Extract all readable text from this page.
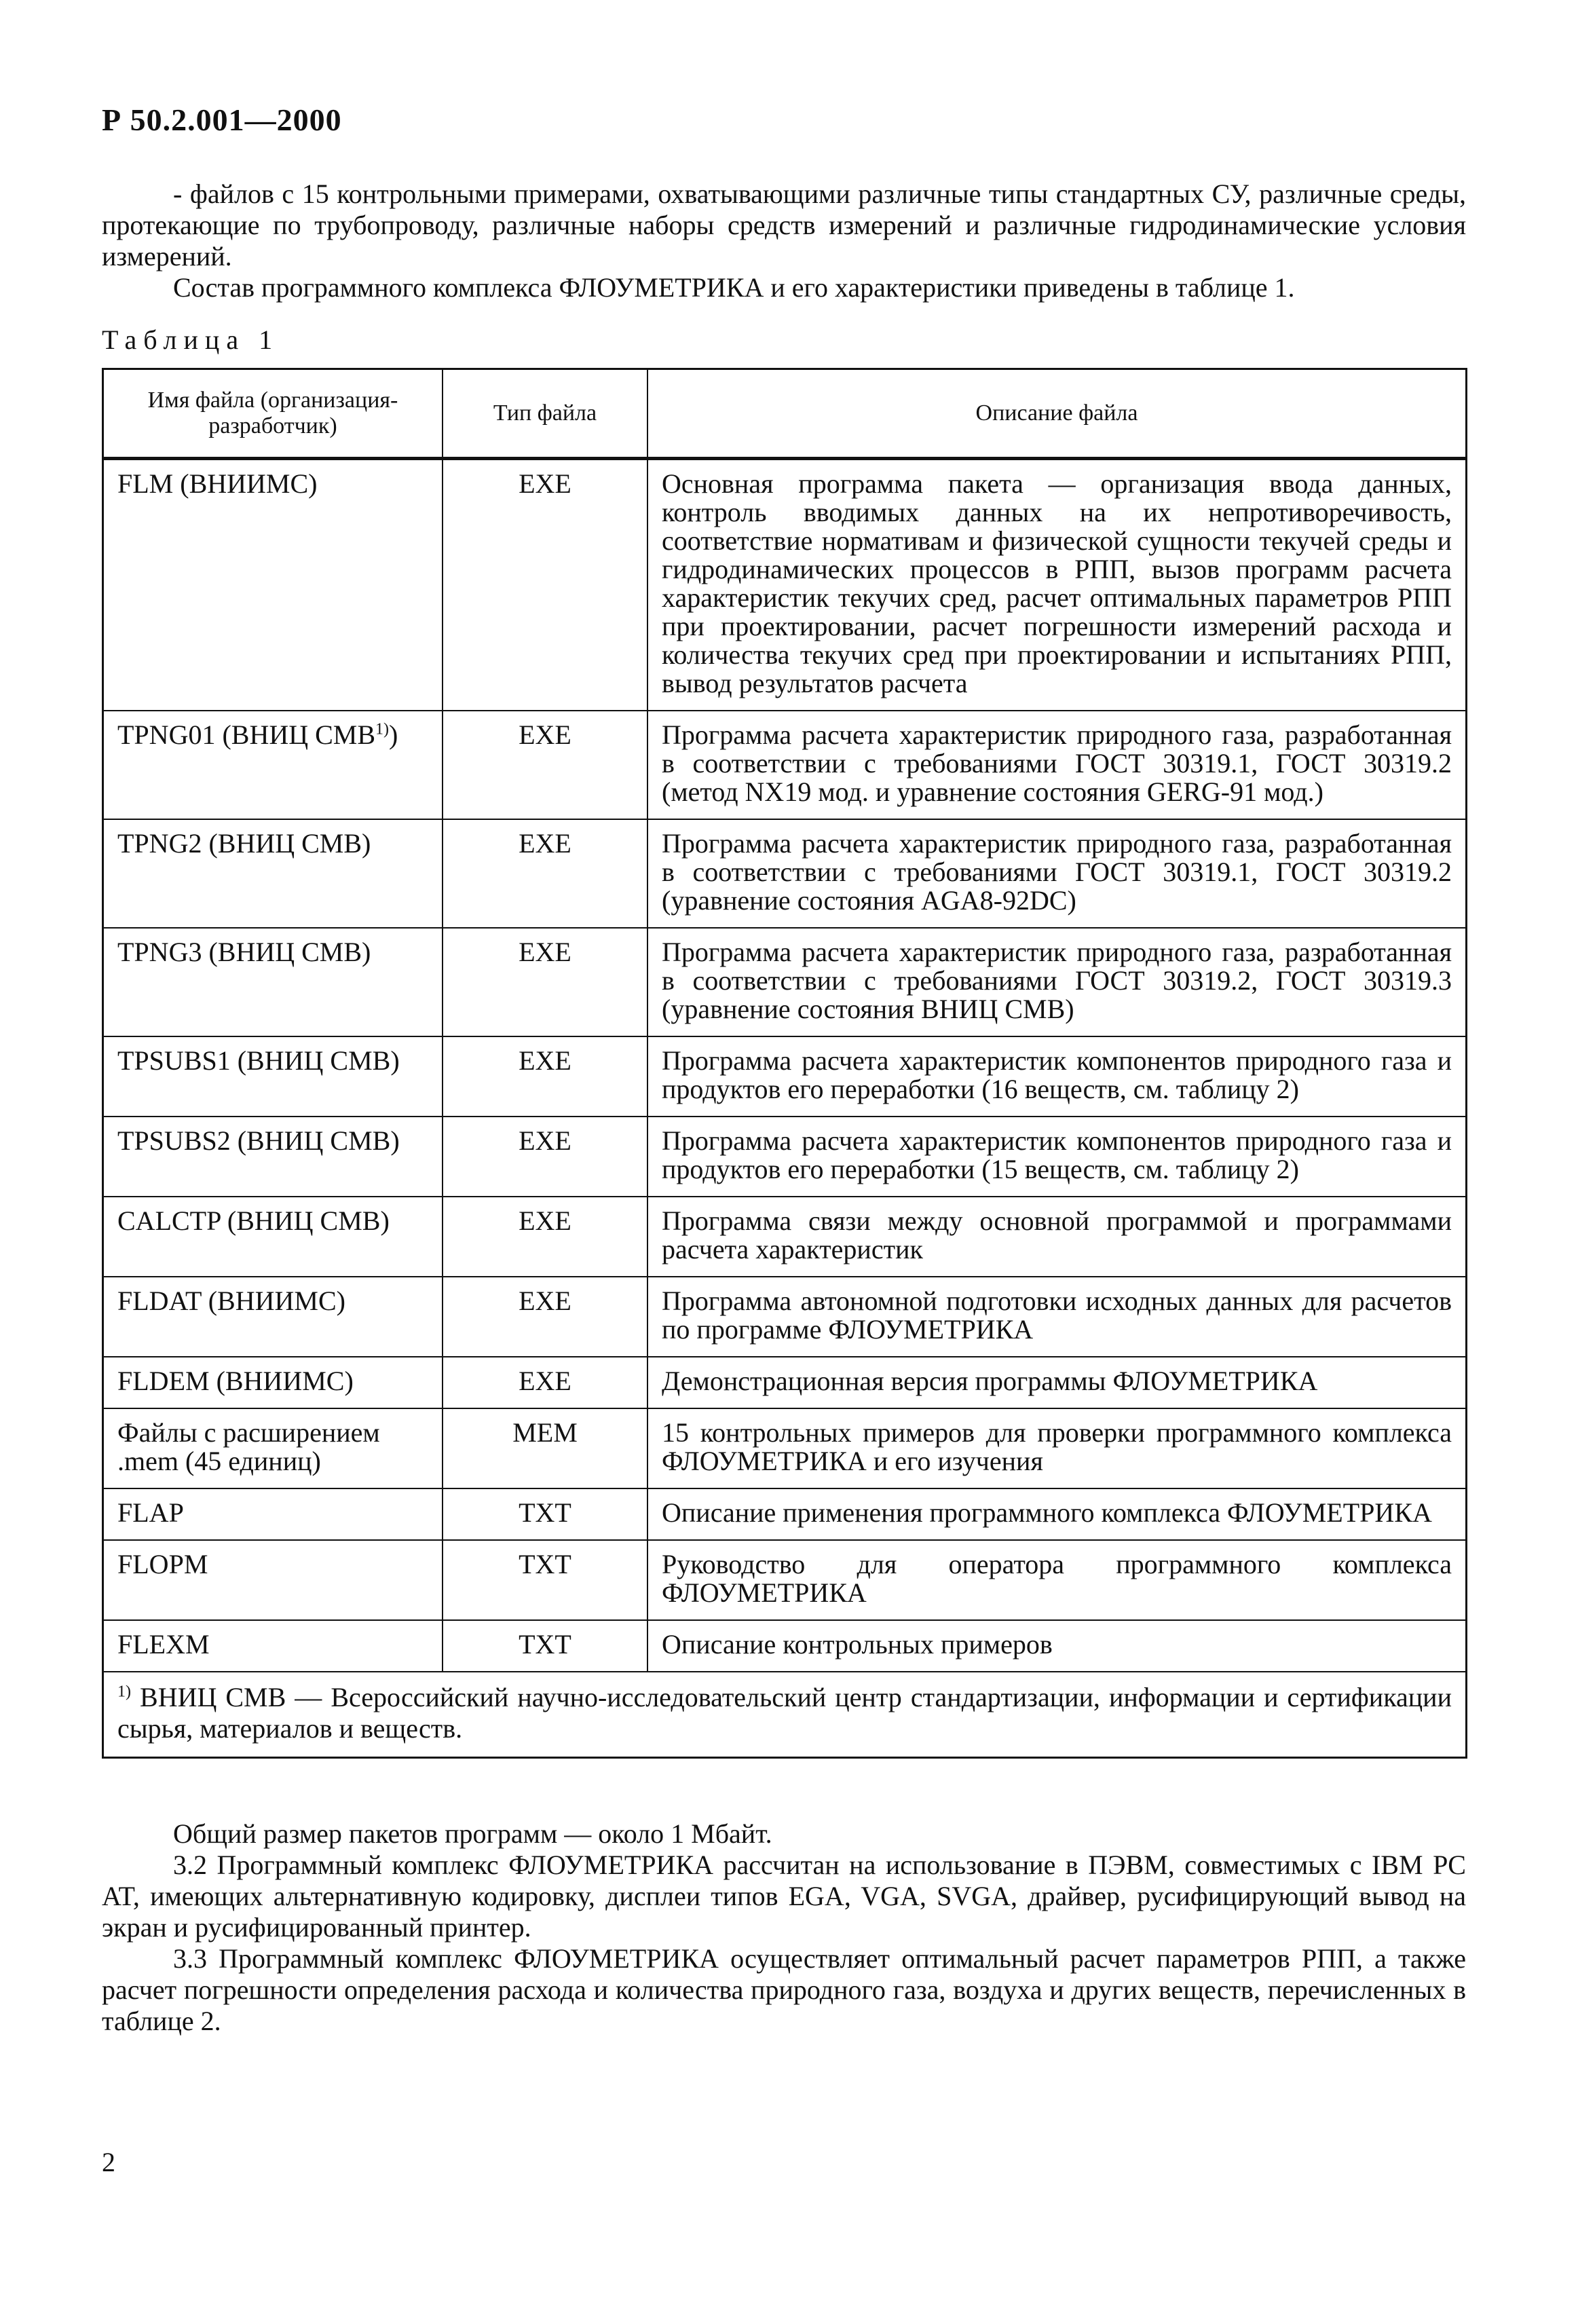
Р 50.2.001—2000

- файлов с 15 контрольными примерами, охватывающими различные типы стандартных СУ, различные среды, протекающие по трубопроводу, различные наборы средств измерений и различные гидродинамические условия измерений.

Состав программного комплекса ФЛОУМЕТРИКА и его характеристики приведены в таблице 1.

Таблица 1
Имя файла (организация-разработчик)	Тип файла	Описание файла
FLM (ВНИИМС)	EXE	Основная программа пакета — организация ввода данных, контроль вводимых данных на их непротиворечивость, соответствие нормативам и физической сущности текучей среды и гидродинамических процессов в РПП, вызов программ расчета характеристик текучих сред, расчет оптимальных параметров РПП при проектировании, расчет погрешности измерений расхода и количества текучих сред при проектировании и испытаниях РПП, вывод результатов расчета
TPNG01 (ВНИЦ СМВ$^{1)}$)	EXE	Программа расчета характеристик природного газа, разработанная в соответствии с требованиями ГОСТ 30319.1, ГОСТ 30319.2 (метод NX19 мод. и уравнение состояния GERG-91 мод.)
TPNG2 (ВНИЦ СМВ)	EXE	Программа расчета характеристик природного газа, разработанная в соответствии с требованиями ГОСТ 30319.1, ГОСТ 30319.2 (уравнение состояния AGA8-92DC)
TPNG3 (ВНИЦ СМВ)	EXE	Программа расчета характеристик природного газа, разработанная в соответствии с требованиями ГОСТ 30319.2, ГОСТ 30319.3 (уравнение состояния ВНИЦ СМВ)
TPSUBS1 (ВНИЦ СМВ)	EXE	Программа расчета характеристик компонентов природного газа и продуктов его переработки (16 веществ, см. таблицу 2)
TPSUBS2 (ВНИЦ СМВ)	EXE	Программа расчета характеристик компонентов природного газа и продуктов его переработки (15 веществ, см. таблицу 2)
CALCTP (ВНИЦ СМВ)	EXE	Программа связи между основной программой и программами расчета характеристик
FLDAT (ВНИИМС)	EXE	Программа автономной подготовки исходных данных для расчетов по программе ФЛОУМЕТРИКА
FLDEM (ВНИИМС)	EXE	Демонстрационная версия программы ФЛОУМЕТРИКА
Файлы с расширением .mem (45 единиц)	MEM	15 контрольных примеров для проверки программного комплекса ФЛОУМЕТРИКА и его изучения
FLAP	TXT	Описание применения программного комплекса ФЛОУМЕТРИКА
FLOPM	TXT	Руководство для оператора программного комплекса ФЛОУМЕТРИКА
FLEXM	TXT	Описание контрольных примеров
$^{1)}$ ВНИЦ СМВ — Всероссийский научно-исследовательский центр стандартизации, информации и сертификации сырья, материалов и веществ.		

Общий размер пакетов программ — около 1 Мбайт.

3.2 Программный комплекс ФЛОУМЕТРИКА рассчитан на использование в ПЭВМ, совместимых с IBM PC AT, имеющих альтернативную кодировку, дисплеи типов EGA, VGA, SVGA, драйвер, русифицирующий вывод на экран и русифицированный принтер.

3.3 Программный комплекс ФЛОУМЕТРИКА осуществляет оптимальный расчет параметров РПП, а также расчет погрешности определения расхода и количества природного газа, воздуха и других веществ, перечисленных в таблице 2.

2
